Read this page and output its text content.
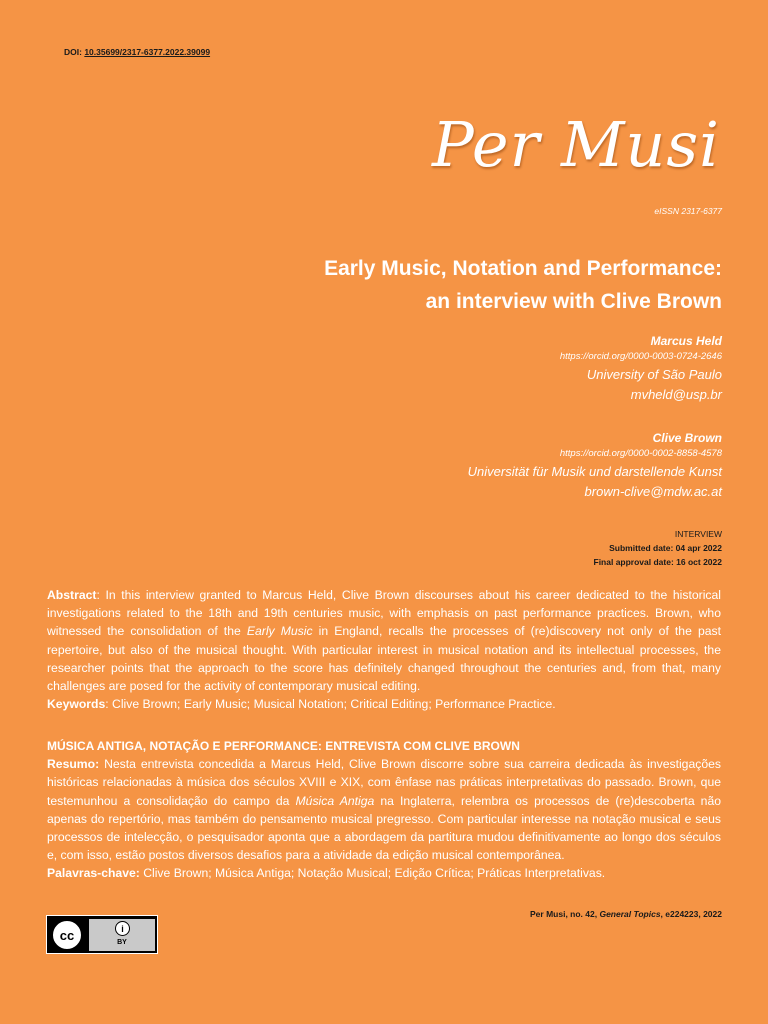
DOI: 10.35699/2317-6377.2022.39099
Per Musi
eISSN 2317-6377
Early Music, Notation and Performance:
an interview with Clive Brown
Marcus Held
https://orcid.org/0000-0003-0724-2646
University of São Paulo
mvheld@usp.br
Clive Brown
https://orcid.org/0000-0002-8858-4578
Universität für Musik und darstellende Kunst
brown-clive@mdw.ac.at
INTERVIEW
Submitted date: 04 apr 2022
Final approval date: 16 oct 2022
Abstract: In this interview granted to Marcus Held, Clive Brown discourses about his career dedicated to the historical investigations related to the 18th and 19th centuries music, with emphasis on past performance practices. Brown, who witnessed the consolidation of the Early Music in England, recalls the processes of (re)discovery not only of the past repertoire, but also of the musical thought. With particular interest in musical notation and its intellectual processes, the researcher points that the approach to the score has definitely changed throughout the centuries and, from that, many challenges are posed for the activity of contemporary musical editing.
Keywords: Clive Brown; Early Music; Musical Notation; Critical Editing; Performance Practice.
MÚSICA ANTIGA, NOTAÇÃO E PERFORMANCE: ENTREVISTA COM CLIVE BROWN
Resumo: Nesta entrevista concedida a Marcus Held, Clive Brown discorre sobre sua carreira dedicada às investigações históricas relacionadas à música dos séculos XVIII e XIX, com ênfase nas práticas interpretativas do passado. Brown, que testemunhou a consolidação do campo da Música Antiga na Inglaterra, relembra os processos de (re)descoberta não apenas do repertório, mas também do pensamento musical pregresso. Com particular interesse na notação musical e seus processos de intelecção, o pesquisador aponta que a abordagem da partitura mudou definitivamente ao longo dos séculos e, com isso, estão postos diversos desafios para a atividade da edição musical contemporânea.
Palavras-chave: Clive Brown; Música Antiga; Notação Musical; Edição Crítica; Práticas Interpretativas.
Per Musi, no. 42, General Topics, e224223, 2022
cc	i
BY
